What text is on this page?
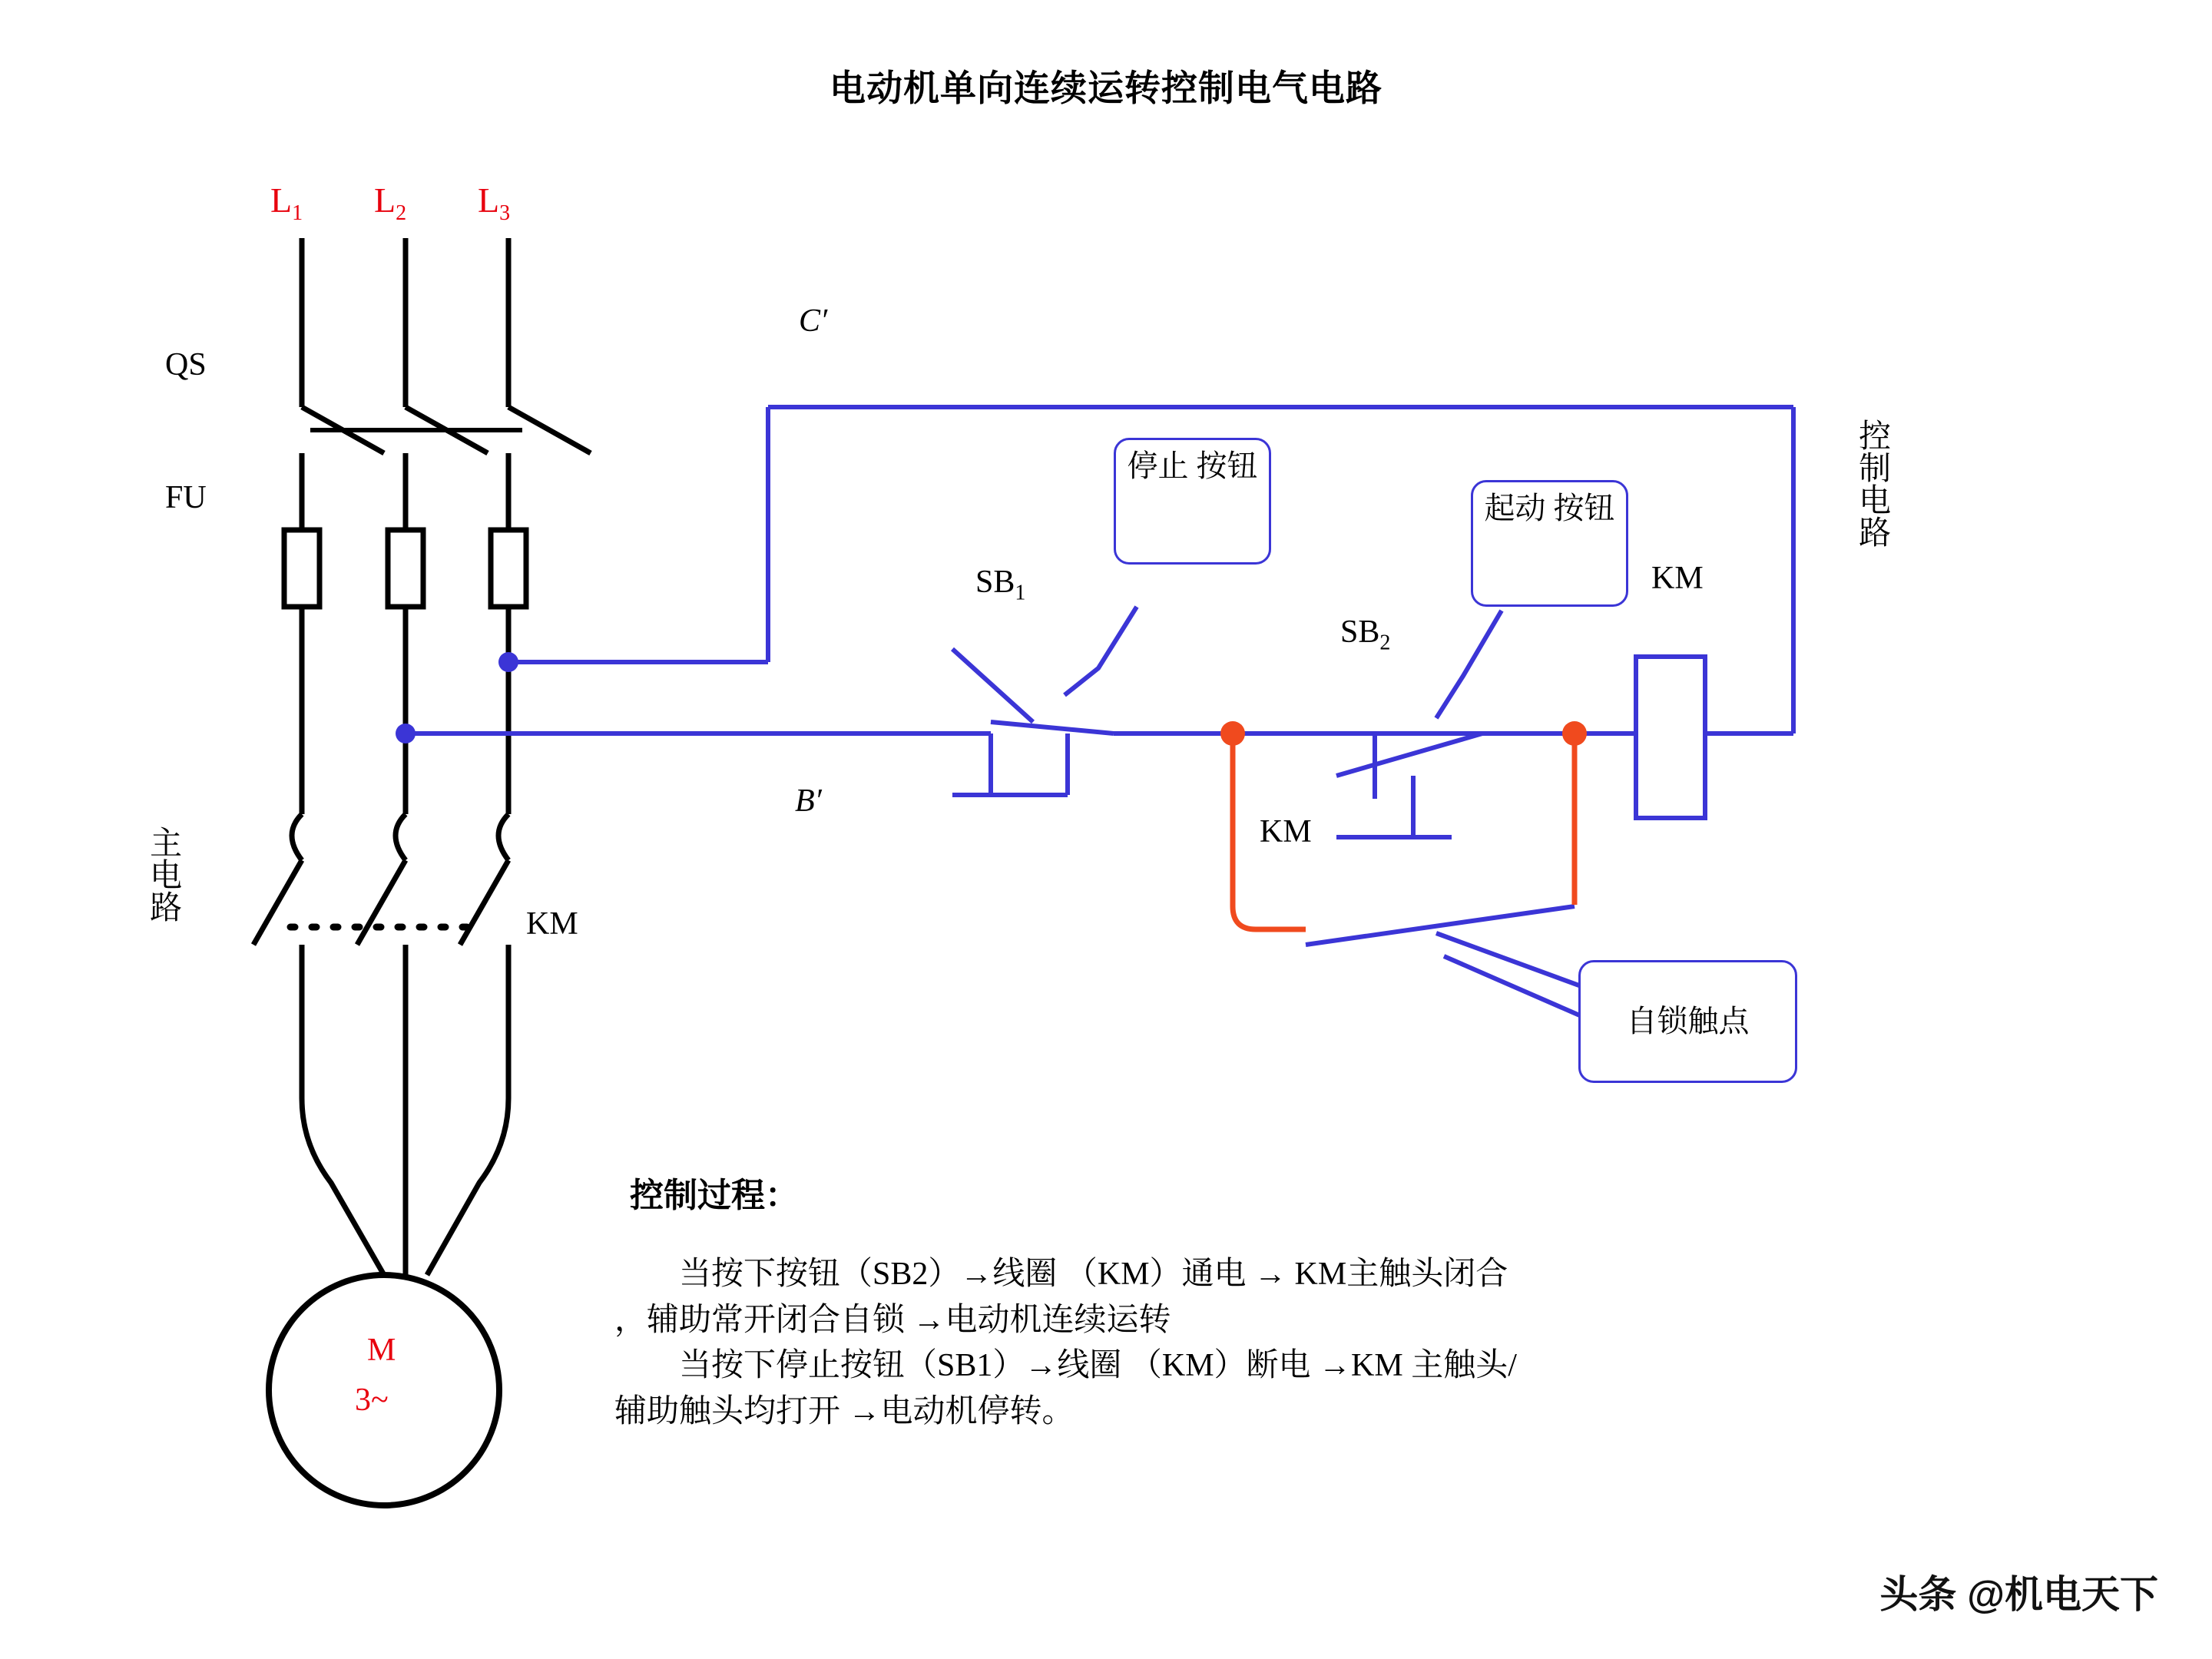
电动机单向连续运转控制电气电路
$L_1$ $L_2$ $L_3$
QS
FU
KM
主电路
控制电路
C′
B′
$SB_1$
$SB_2$
KM
KM
M
3~
停止 按钮
起动 按钮
自锁触点
控制过程：

当按下按钮（SB2）→线圈 （KM）通电 → KM主触头闭合

，辅助常开闭合自锁 →电动机连续运转

当按下停止按钮（SB1）→线圈 （KM）断电 →KM 主触头/

辅助触头均打开 →电动机停转。

头条 @机电天下
